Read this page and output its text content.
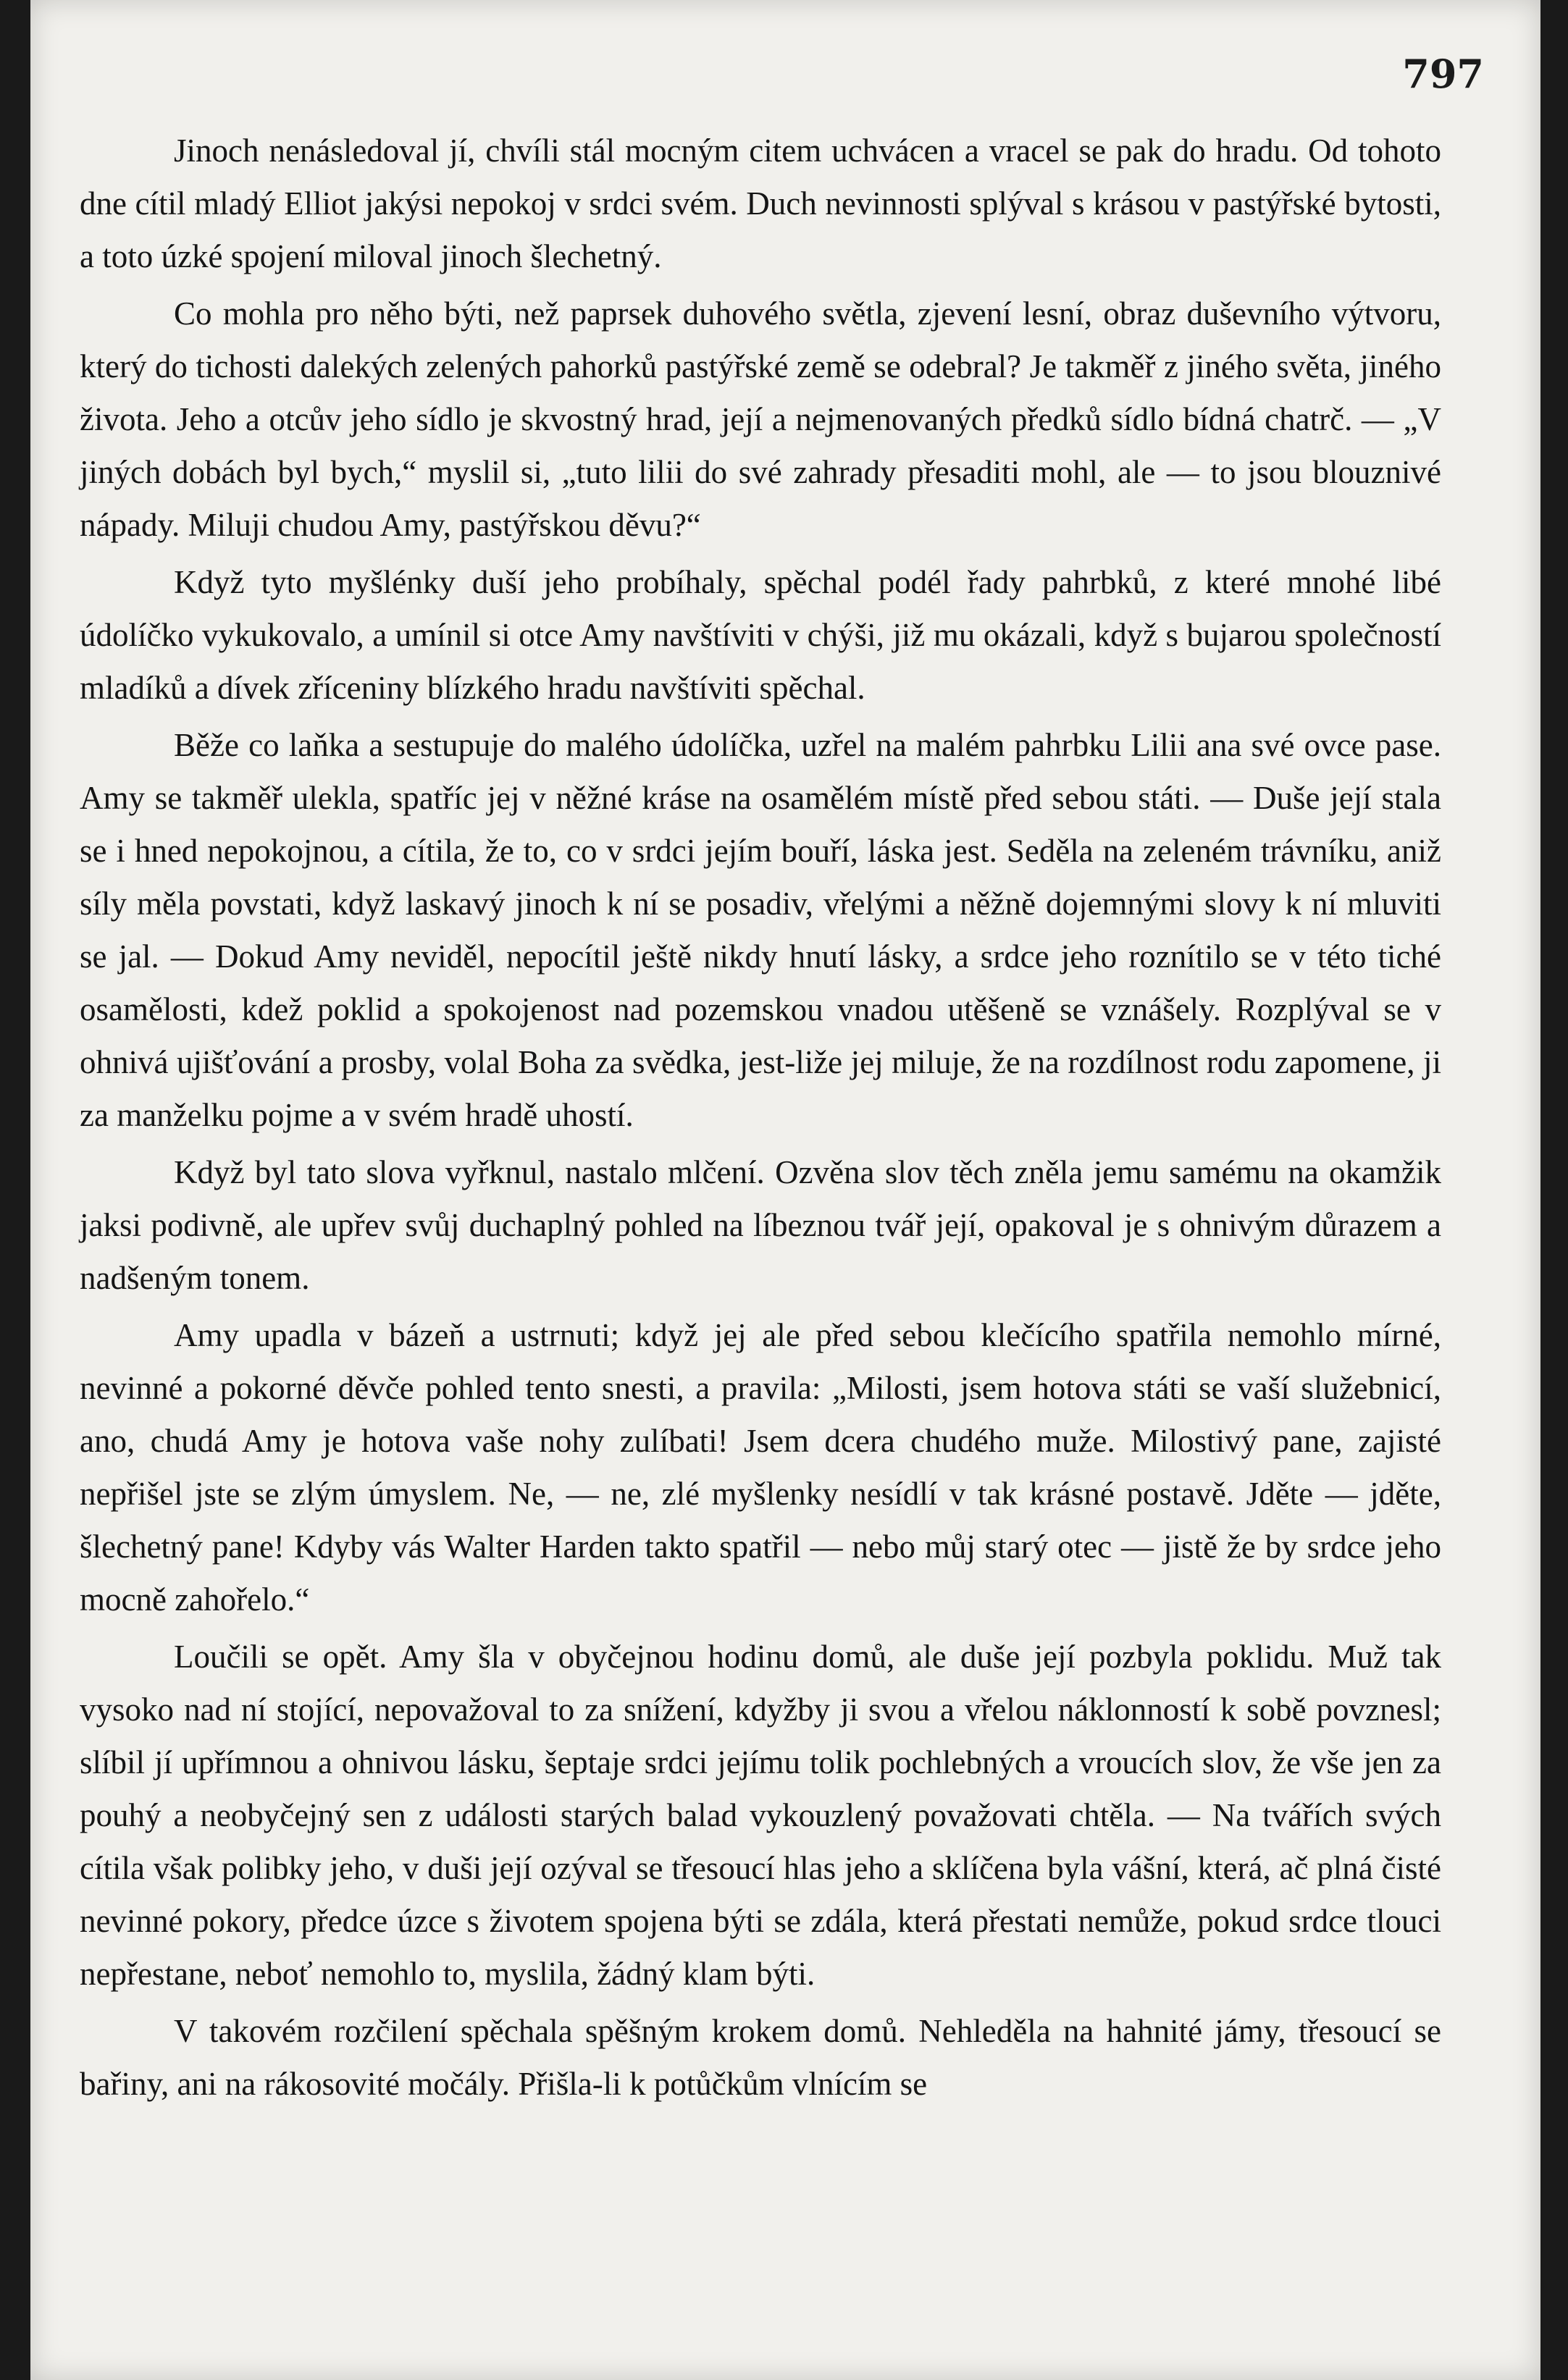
797

Jinoch nenásledoval jí, chvíli stál mocným citem uchvácen a vracel se pak do hradu. Od tohoto dne cítil mladý Elliot jakýsi nepokoj v srdci svém. Duch nevinnosti splýval s krásou v pastýřské bytosti, a toto úzké spojení miloval jinoch šlechetný.

Co mohla pro něho býti, než paprsek duhového světla, zjevení lesní, obraz duševního výtvoru, který do tichosti dalekých zelených pahorků pastýřské země se odebral? Je takměř z jiného světa, jiného života. Jeho a otcův jeho sídlo je skvostný hrad, její a nejmenovaných předků sídlo bídná chatrč. — „V jiných dobách byl bych,“ myslil si, „tuto lilii do své zahrady přesaditi mohl, ale — to jsou blouznivé nápady. Miluji chudou Amy, pastýřskou děvu?“

Když tyto myšlénky duší jeho probíhaly, spěchal podél řady pahrbků, z které mnohé libé údolíčko vykukovalo, a umínil si otce Amy navštíviti v chýši, již mu okázali, když s bujarou společností mladíků a dívek zříceniny blízkého hradu navštíviti spěchal.

Běže co laňka a sestupuje do malého údolíčka, uzřel na malém pahrbku Lilii ana své ovce pase. Amy se takměř ulekla, spatříc jej v něžné kráse na osamělém místě před sebou státi. — Duše její stala se i hned nepokojnou, a cítila, že to, co v srdci jejím bouří, láska jest. Seděla na zeleném trávníku, aniž síly měla povstati, když laskavý jinoch k ní se posadiv, vřelými a něžně dojemnými slovy k ní mluviti se jal. — Dokud Amy neviděl, nepocítil ještě nikdy hnutí lásky, a srdce jeho roznítilo se v této tiché osamělosti, kdež poklid a spokojenost nad pozemskou vnadou utěšeně se vznášely. Rozplýval se v ohnivá ujišťování a prosby, volal Boha za svědka, jest-liže jej miluje, že na rozdílnost rodu zapomene, ji za manželku pojme a v svém hradě uhostí.

Když byl tato slova vyřknul, nastalo mlčení. Ozvěna slov těch zněla jemu samému na okamžik jaksi podivně, ale upřev svůj duchaplný pohled na líbeznou tvář její, opakoval je s ohnivým důrazem a nadšeným tonem.

Amy upadla v bázeň a ustrnuti; když jej ale před sebou klečícího spatřila nemohlo mírné, nevinné a pokorné děvče pohled tento snesti, a pravila: „Milosti, jsem hotova státi se vaší služebnicí, ano, chudá Amy je hotova vaše nohy zulíbati! Jsem dcera chudého muže. Milostivý pane, zajisté nepřišel jste se zlým úmyslem. Ne, — ne, zlé myšlenky nesídlí v tak krásné postavě. Jděte — jděte, šlechetný pane! Kdyby vás Walter Harden takto spatřil — nebo můj starý otec — jistě že by srdce jeho mocně zahořelo.“

Loučili se opět. Amy šla v obyčejnou hodinu domů, ale duše její pozbyla poklidu. Muž tak vysoko nad ní stojící, nepovažoval to za snížení, kdyžby ji svou a vřelou náklonností k sobě povznesl; slíbil jí upřímnou a ohnivou lásku, šeptaje srdci jejímu tolik pochlebných a vroucích slov, že vše jen za pouhý a neobyčejný sen z události starých balad vykouzlený považovati chtěla. — Na tvářích svých cítila však polibky jeho, v duši její ozýval se třesoucí hlas jeho a sklíčena byla vášní, která, ač plná čisté nevinné pokory, předce úzce s životem spojena býti se zdála, která přestati nemůže, pokud srdce tlouci nepřestane, neboť nemohlo to, myslila, žádný klam býti.

V takovém rozčilení spěchala spěšným krokem domů. Nehleděla na hahnité jámy, třesoucí se bařiny, ani na rákosovité močály. Přišla-li k potůčkům vlnícím se
